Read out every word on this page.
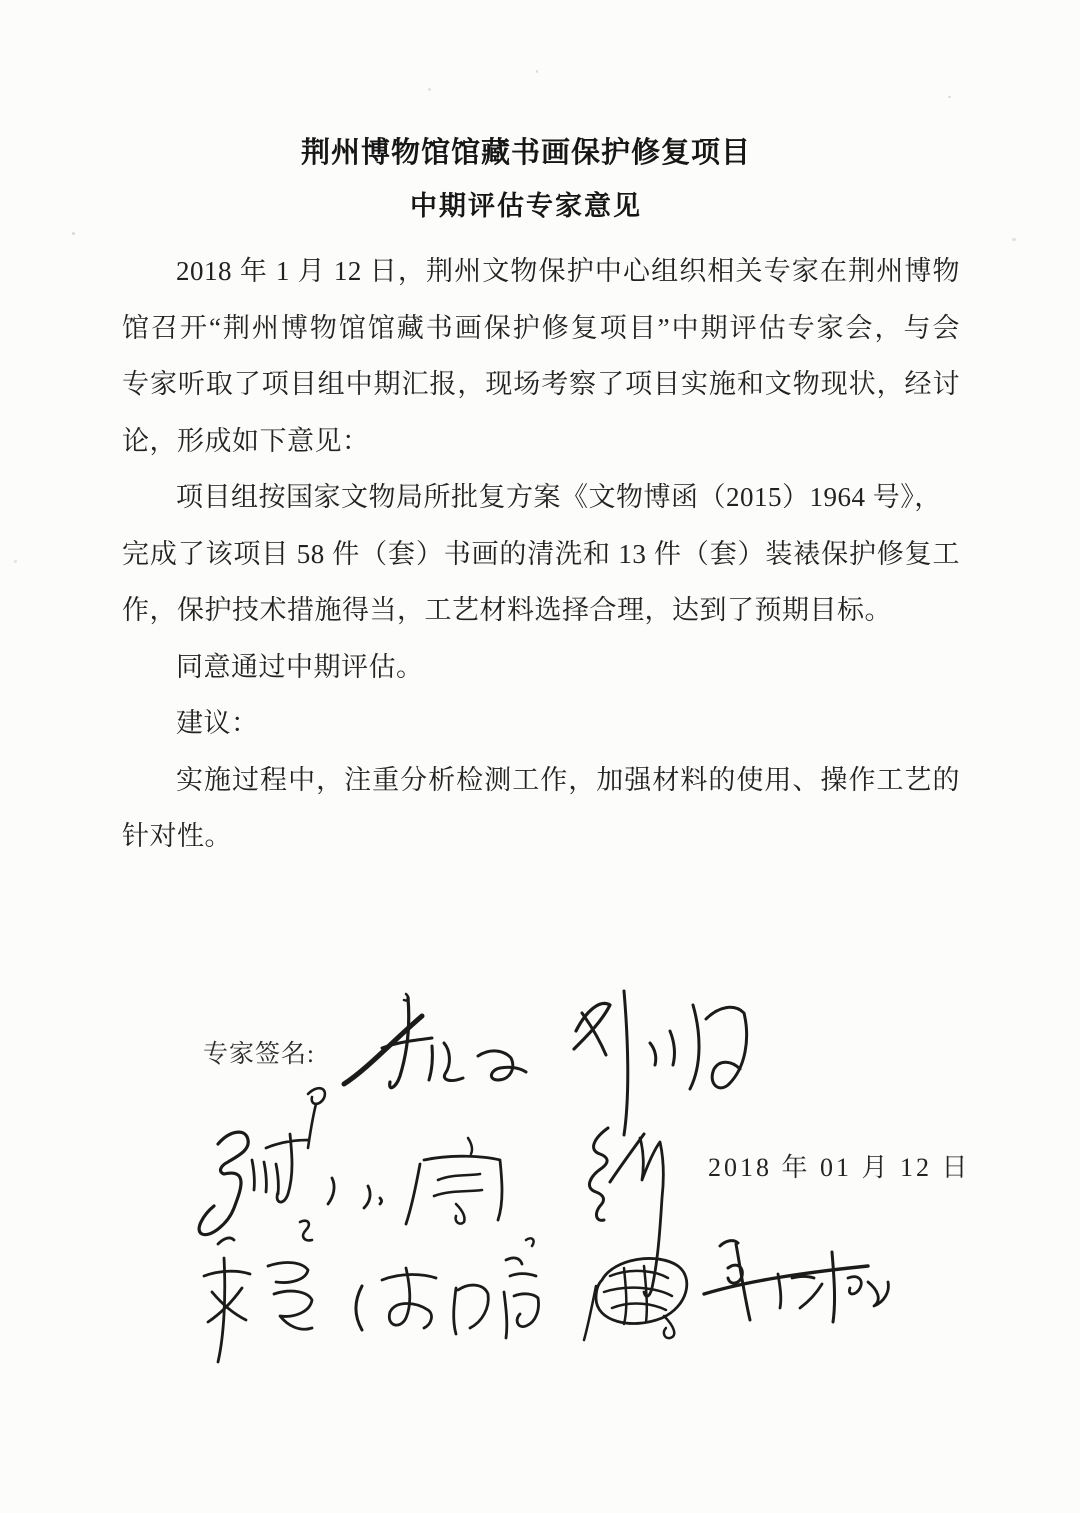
荆州博物馆馆藏书画保护修复项目
中期评估专家意见
2018 年 1 月 12 日，荆州文物保护中心组织相关专家在荆州博物
馆召开“荆州博物馆馆藏书画保护修复项目”中期评估专家会，与会
专家听取了项目组中期汇报，现场考察了项目实施和文物现状，经讨
论，形成如下意见：
项目组按国家文物局所批复方案《文物博函（2015）1964 号》，
完成了该项目 58 件（套）书画的清洗和 13 件（套）装裱保护修复工
作，保护技术措施得当，工艺材料选择合理，达到了预期目标。
同意通过中期评估。
建议：
实施过程中，注重分析检测工作，加强材料的使用、操作工艺的
针对性。
专家签名:
2018 年 01 月 12 日
